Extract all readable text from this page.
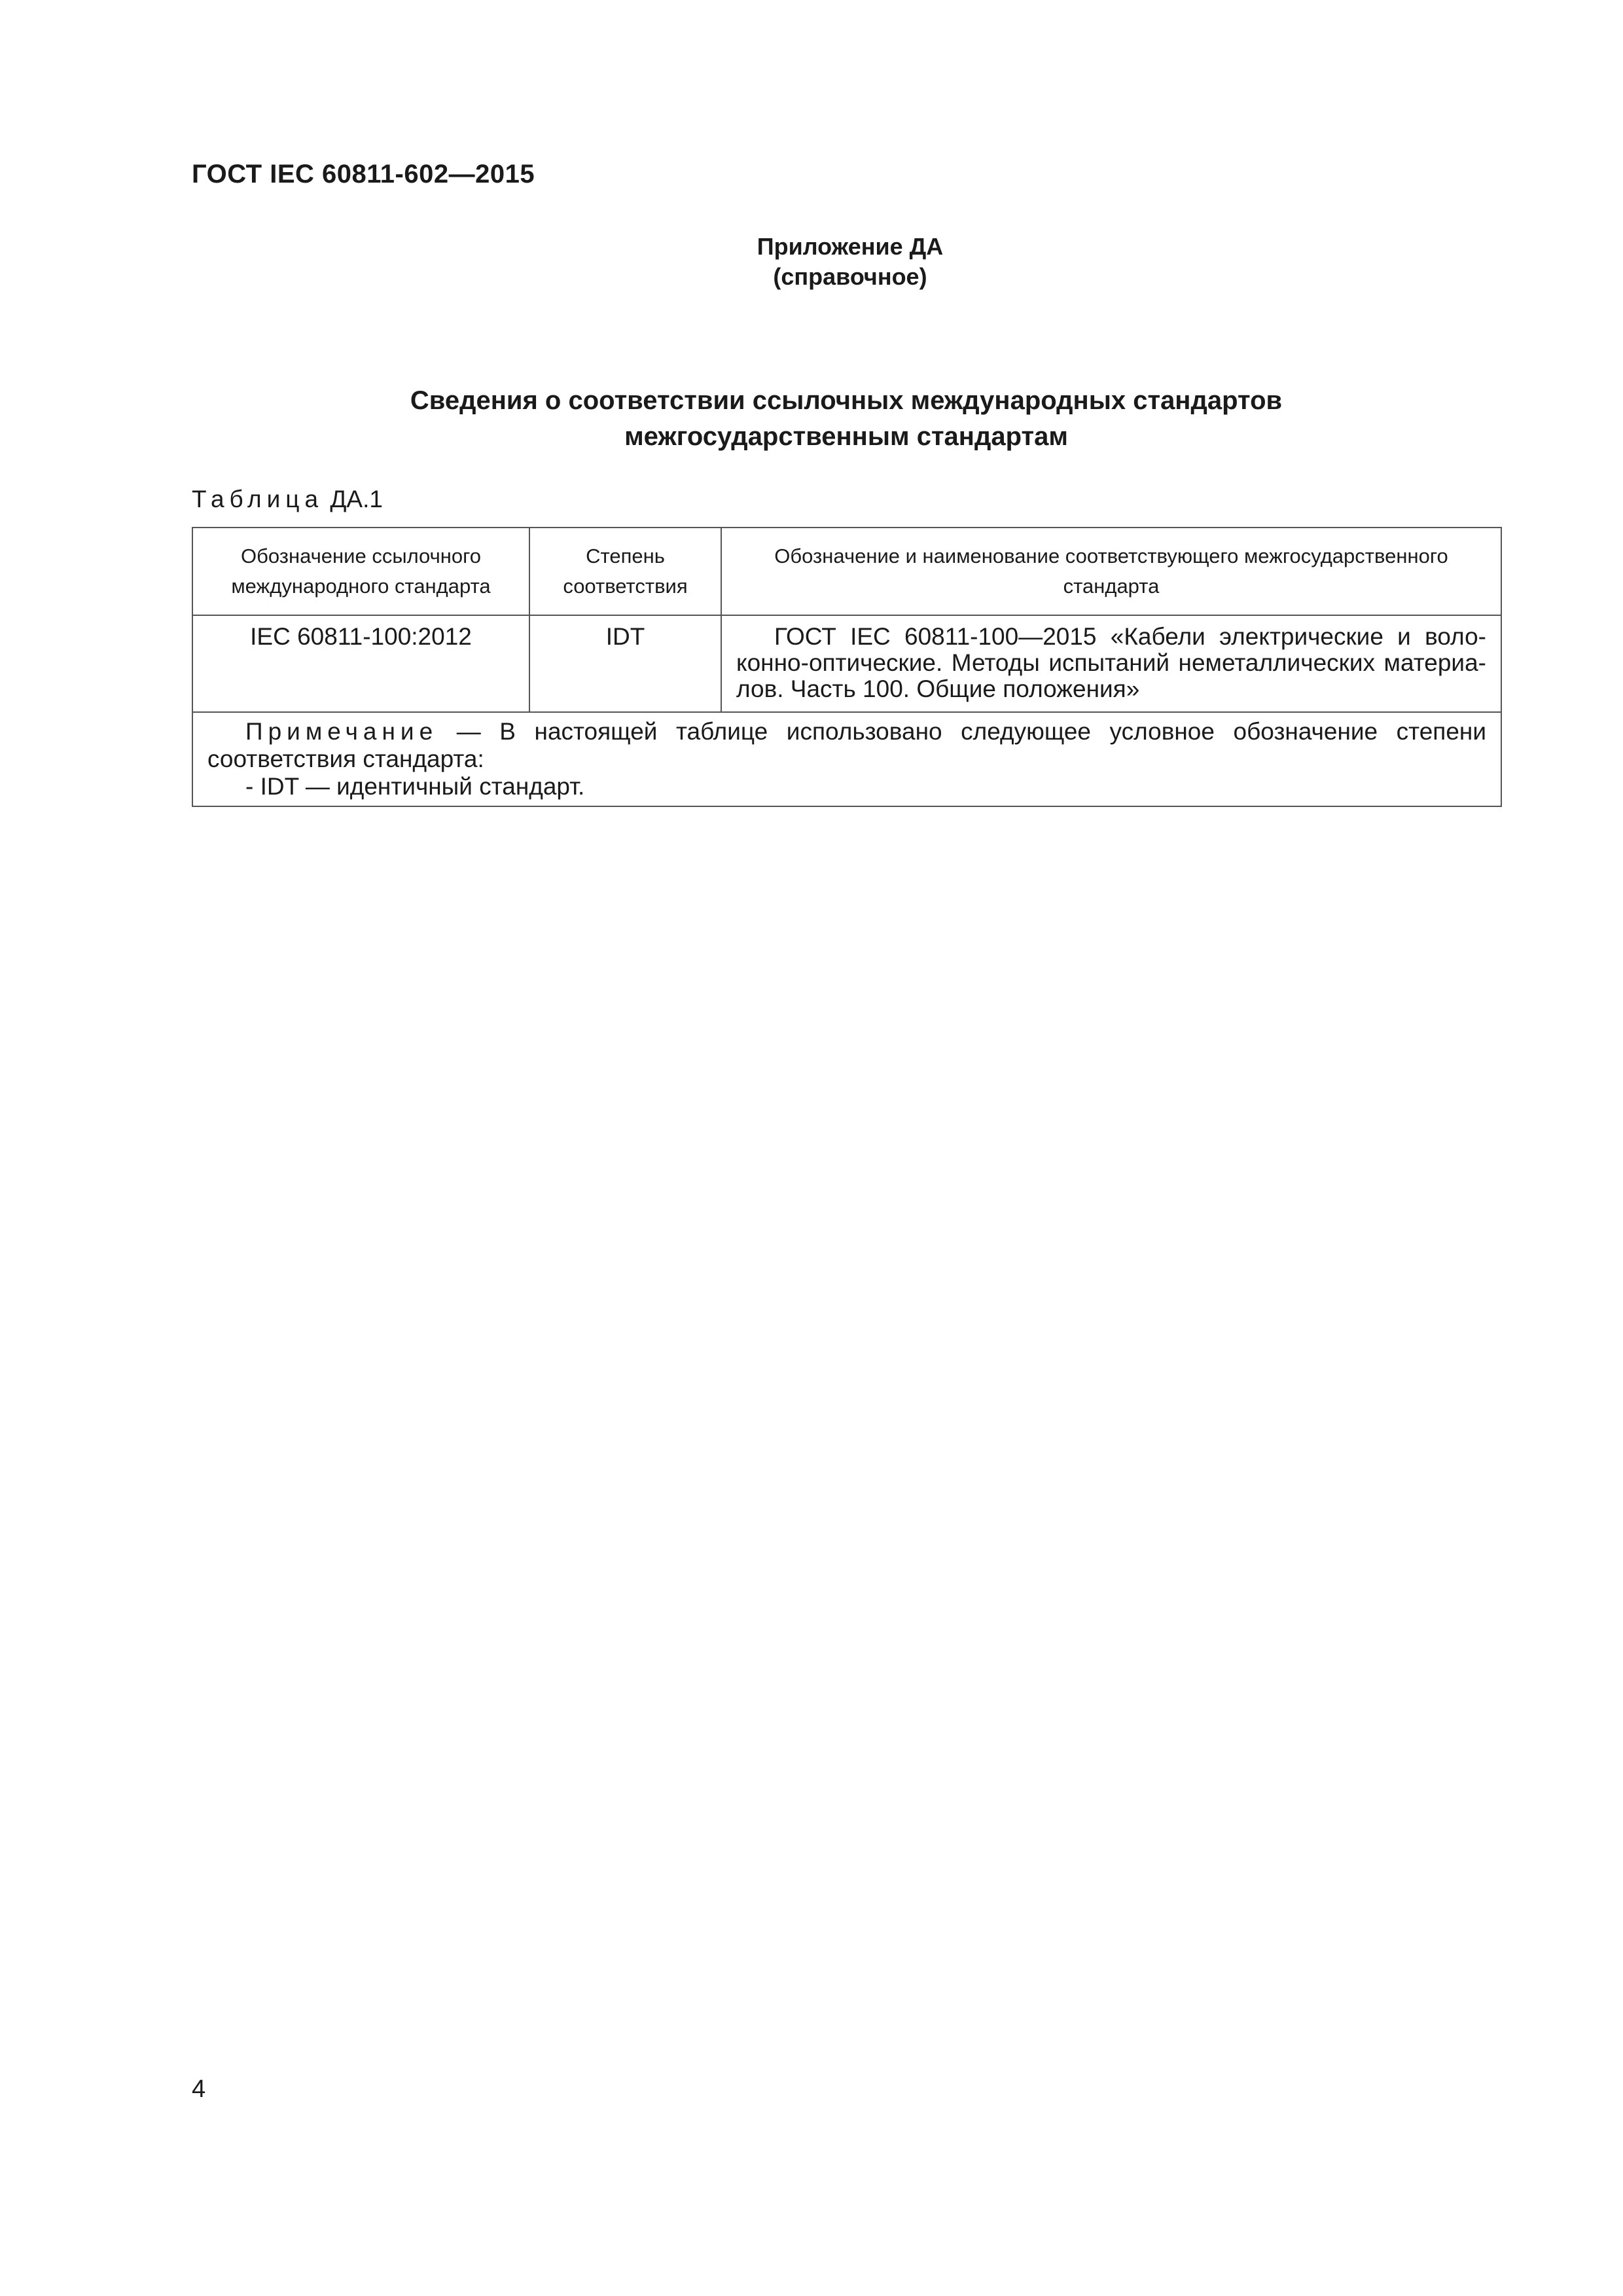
ГОСТ IEC 60811-602—2015
Приложение ДА
(справочное)
Сведения о соответствии ссылочных международных стандартов
межгосударственным стандартам
Таблица ДА.1
Обозначение ссылочного международного стандарта	Степень соответствия	Обозначение и наименование соответствующего межгосударственного стандарта
IEC 60811-100:2012	IDT	ГОСТ IEC 60811-100—2015 «Кабели электрические и воло-конно-оптические. Методы испытаний неметаллических материа-лов. Часть 100. Общие положения»

Примечание — В настоящей таблице использовано следующее условное обозначение степени соответствия стандарта:
- IDT — идентичный стандарт.		
4
